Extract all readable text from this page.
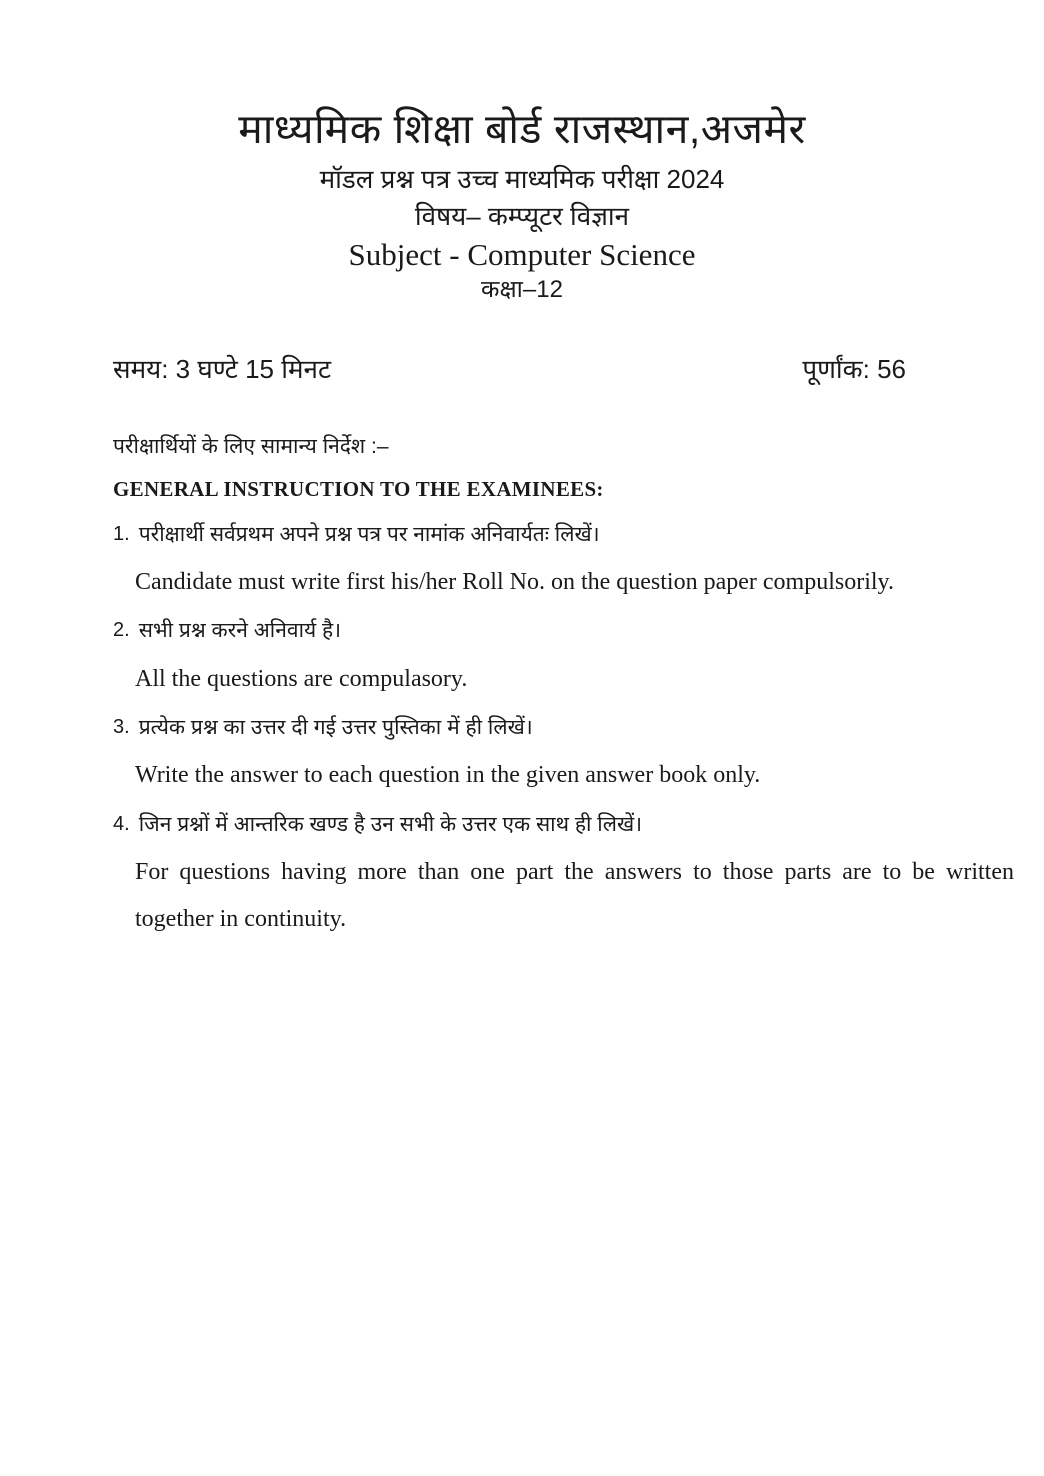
माध्यमिक शिक्षा बोर्ड राजस्थान,अजमेर
मॉडल प्रश्न पत्र उच्च माध्यमिक परीक्षा 2024
विषय– कम्प्यूटर विज्ञान
Subject - Computer Science
कक्षा–12
समय: 3 घण्टे 15 मिनट	पूर्णांक: 56
परीक्षार्थियों के लिए सामान्य निर्देश :–
GENERAL INSTRUCTION TO THE EXAMINEES:
1. परीक्षार्थी सर्वप्रथम अपने प्रश्न पत्र पर नामांक अनिवार्यतः लिखें।
Candidate must write first his/her Roll No. on the question paper compulsorily.
2. सभी प्रश्न करने अनिवार्य है।
All the questions are compulasory.
3. प्रत्येक प्रश्न का उत्तर दी गई उत्तर पुस्तिका में ही लिखें।
Write the answer to each question in the given answer book only.
4. जिन प्रश्नों में आन्तरिक खण्ड है उन सभी के उत्तर एक साथ ही लिखें।
For questions having more than one part the answers to those parts are to be written together in continuity.
